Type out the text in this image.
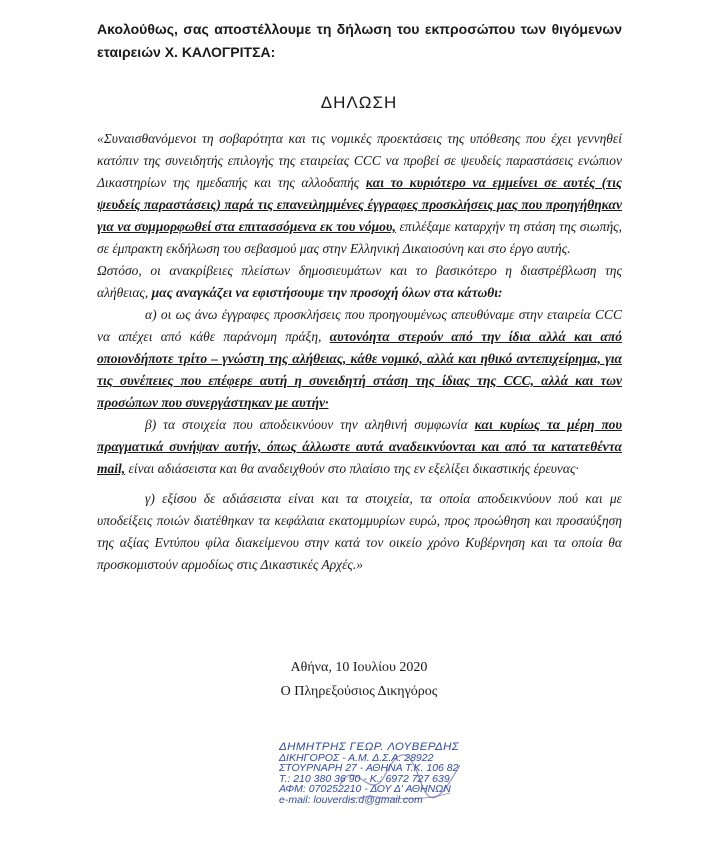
Ακολούθως, σας αποστέλλουμε τη δήλωση του εκπροσώπου των θιγόμενων εταιρειών Χ. ΚΑΛΟΓΡΙΤΣΑ:
ΔΗΛΩΣΗ

«Συναισθανόμενοι τη σοβαρότητα και τις νομικές προεκτάσεις της υπόθεσης που έχει γεννηθεί κατόπιν της συνειδητής επιλογής της εταιρείας CCC να προβεί σε ψευδείς παραστάσεις ενώπιον Δικαστηρίων της ημεδαπής και της αλλοδαπής και το κυριότερο να εμμείνει σε αυτές (τις ψευδείς παραστάσεις) παρά τις επανειλημμένες έγγραφες προσκλήσεις μας που προηγήθηκαν για να συμμορφωθεί στα επιτασσόμενα εκ του νόμου, επιλέξαμε καταρχήν τη στάση της σιωπής, σε έμπρακτη εκδήλωση του σεβασμού μας στην Ελληνική Δικαιοσύνη και στο έργο αυτής.

Ωστόσο, οι ανακρίβειες πλείστων δημοσιευμάτων και το βασικότερο η διαστρέβλωση της αλήθειας, μας αναγκάζει να εφιστήσουμε την προσοχή όλων στα κάτωθι:

α) οι ως άνω έγγραφες προσκλήσεις που προηγουμένως απευθύναμε στην εταιρεία CCC να απέχει από κάθε παράνομη πράξη, αυτονόητα στερούν από την ίδια αλλά και από οποιονδήποτε τρίτο – γνώστη της αλήθειας, κάθε νομικό, αλλά και ηθικό αντεπιχείρημα, για τις συνέπειες που επέφερε αυτή η συνειδητή στάση της ίδιας της CCC, αλλά και των προσώπων που συνεργάστηκαν με αυτήν·

β) τα στοιχεία που αποδεικνύουν την αληθινή συμφωνία και κυρίως τα μέρη που πραγματικά συνήψαν αυτήν, όπως άλλωστε αυτά αναδεικνύονται και από τα κατατεθέντα mail, είναι αδιάσειστα και θα αναδειχθούν στο πλαίσιο της εν εξελίξει δικαστικής έρευνας·

γ) εξίσου δε αδιάσειστα είναι και τα στοιχεία, τα οποία αποδεικνύουν πού και με υποδείξεις ποιών διατέθηκαν τα κεφάλαια εκατομμυρίων ευρώ, προς προώθηση και προσαύξηση της αξίας Εντύπου φίλα διακείμενου στην κατά τον οικείο χρόνο Κυβέρνηση και τα οποία θα προσκομιστούν αρμοδίως στις Δικαστικές Αρχές.»

Αθήνα, 10 Ιουλίου 2020
Ο Πληρεξούσιος Δικηγόρος
ΔΗΜΗΤΡΗΣ ΓΕΩΡ. ΛΟΥΒΕΡΔΗΣ
ΔΙΚΗΓΟΡΟΣ - Α.Μ. Δ.Σ.Α. 28922
ΣΤΟΥΡΝΑΡΗ 27 - ΑΘΗΝΑ Τ.Κ. 106 82
Τ.: 210 380 36 90 - Κ.: 6972 727 639
ΑΦΜ: 070252210 - ΔΟΥ Δ' ΑΘΗΝΩΝ
e-mail: louverdis.d@gmail.com
